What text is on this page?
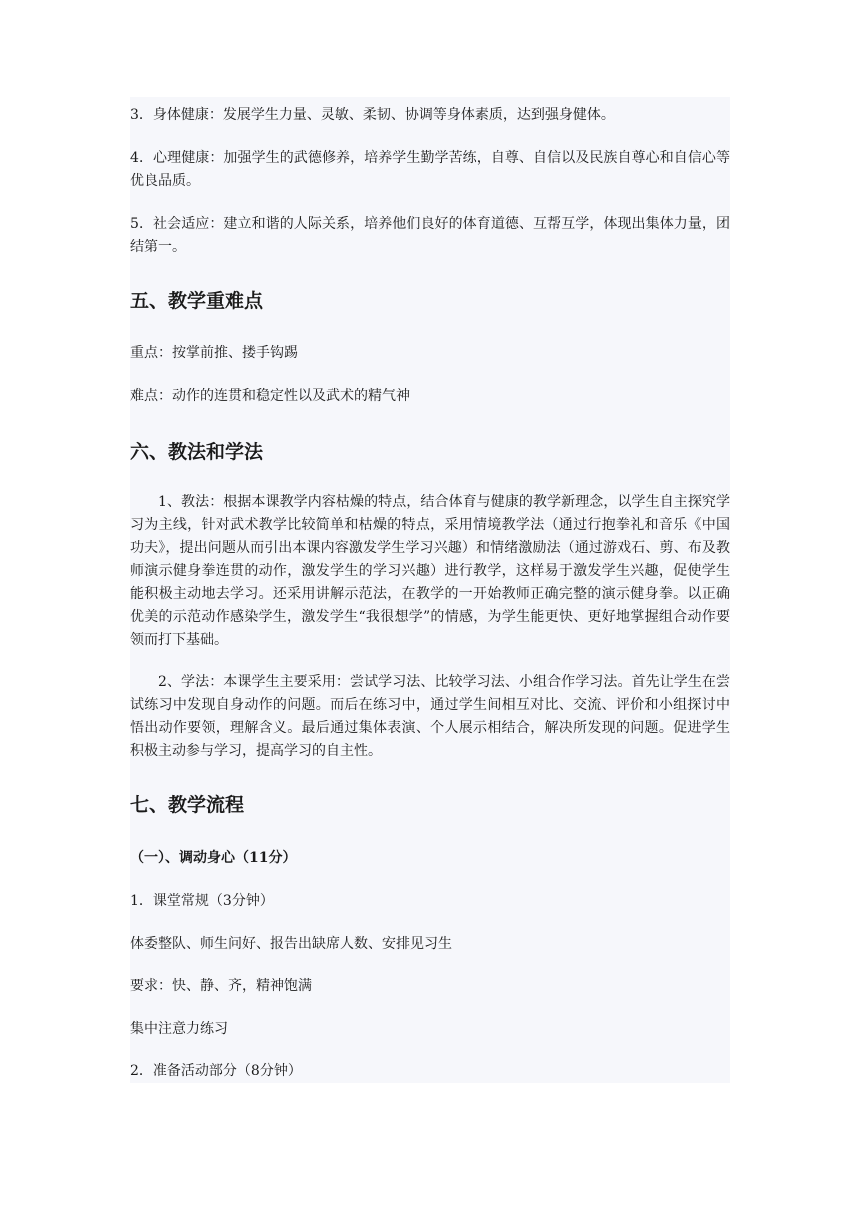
3．身体健康：发展学生力量、灵敏、柔韧、协调等身体素质，达到强身健体。

4．心理健康：加强学生的武德修养，培养学生勤学苦练，自尊、自信以及民族自尊心和自信心等优良品质。

5．社会适应：建立和谐的人际关系，培养他们良好的体育道德、互帮互学，体现出集体力量，团结第一。

五、教学重难点

重点：按掌前推、搂手钩踢

难点：动作的连贯和稳定性以及武术的精气神

六、教法和学法

1、教法：根据本课教学内容枯燥的特点，结合体育与健康的教学新理念，以学生自主探究学习为主线，针对武术教学比较简单和枯燥的特点，采用情境教学法（通过行抱拳礼和音乐《中国功夫》，提出问题从而引出本课内容激发学生学习兴趣）和情绪激励法（通过游戏石、剪、布及教师演示健身拳连贯的动作，激发学生的学习兴趣）进行教学，这样易于激发学生兴趣，促使学生能积极主动地去学习。还采用讲解示范法，在教学的一开始教师正确完整的演示健身拳。以正确优美的示范动作感染学生，激发学生“我很想学”的情感，为学生能更快、更好地掌握组合动作要领而打下基础。

2、学法：本课学生主要采用：尝试学习法、比较学习法、小组合作学习法。首先让学生在尝试练习中发现自身动作的问题。而后在练习中，通过学生间相互对比、交流、评价和小组探讨中悟出动作要领，理解含义。最后通过集体表演、个人展示相结合，解决所发现的问题。促进学生积极主动参与学习，提高学习的自主性。

七、教学流程

（一）、调动身心（11分）

1．课堂常规（3分钟）

体委整队、师生问好、报告出缺席人数、安排见习生

要求：快、静、齐，精神饱满

集中注意力练习

2．准备活动部分（8分钟）
